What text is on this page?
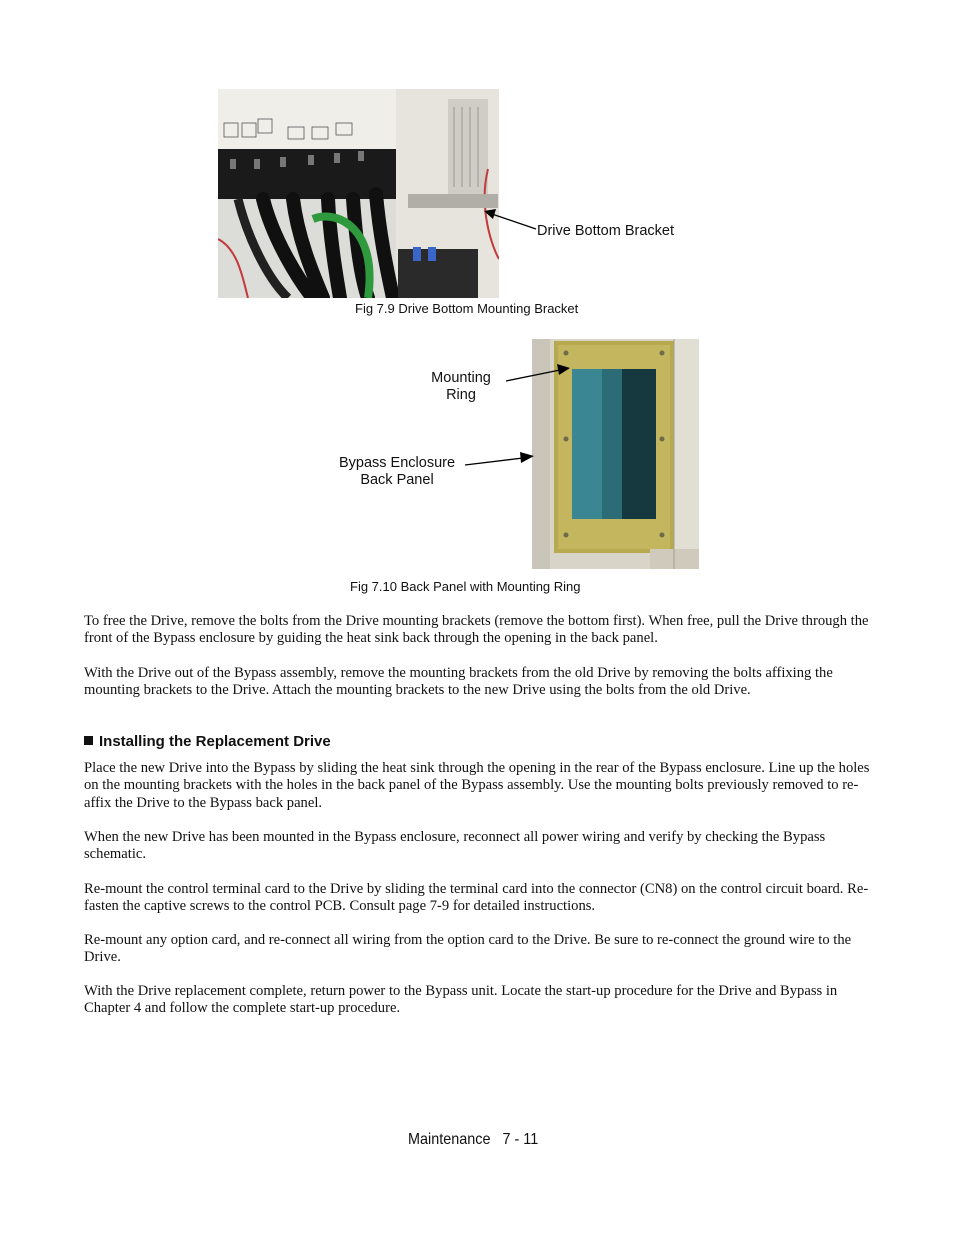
Drive Bottom Bracket
Fig 7.9 Drive Bottom Mounting Bracket
Mounting
Ring
Bypass Enclosure
Back Panel
Fig 7.10 Back Panel with Mounting Ring
To free the Drive, remove the bolts from the Drive mounting brackets (remove the bottom first). When free, pull the Drive through the front of the Bypass enclosure by guiding the heat sink back through the opening in the back panel.
With the Drive out of the Bypass assembly, remove the mounting brackets from the old Drive by removing the bolts affixing the mounting brackets to the Drive. Attach the mounting brackets to the new Drive using the bolts from the old Drive.
Installing the Replacement Drive
Place the new Drive into the Bypass by sliding the heat sink through the opening in the rear of the Bypass enclosure. Line up the holes on the mounting brackets with the holes in the back panel of the Bypass assembly. Use the mounting bolts previously removed to re-affix the Drive to the Bypass back panel.
When the new Drive has been mounted in the Bypass enclosure, reconnect all power wiring and verify by checking the Bypass schematic.
Re-mount the control terminal card to the Drive by sliding the terminal card into the connector (CN8) on the control circuit board. Re-fasten the captive screws to the control PCB. Consult page 7-9 for detailed instructions.
Re-mount any option card, and re-connect all wiring from the option card to the Drive. Be sure to re-connect the ground wire to the Drive.
With the Drive replacement complete, return power to the Bypass unit. Locate the start-up procedure for the Drive and Bypass in Chapter 4 and follow the complete start-up procedure.
Maintenance   7 - 11
